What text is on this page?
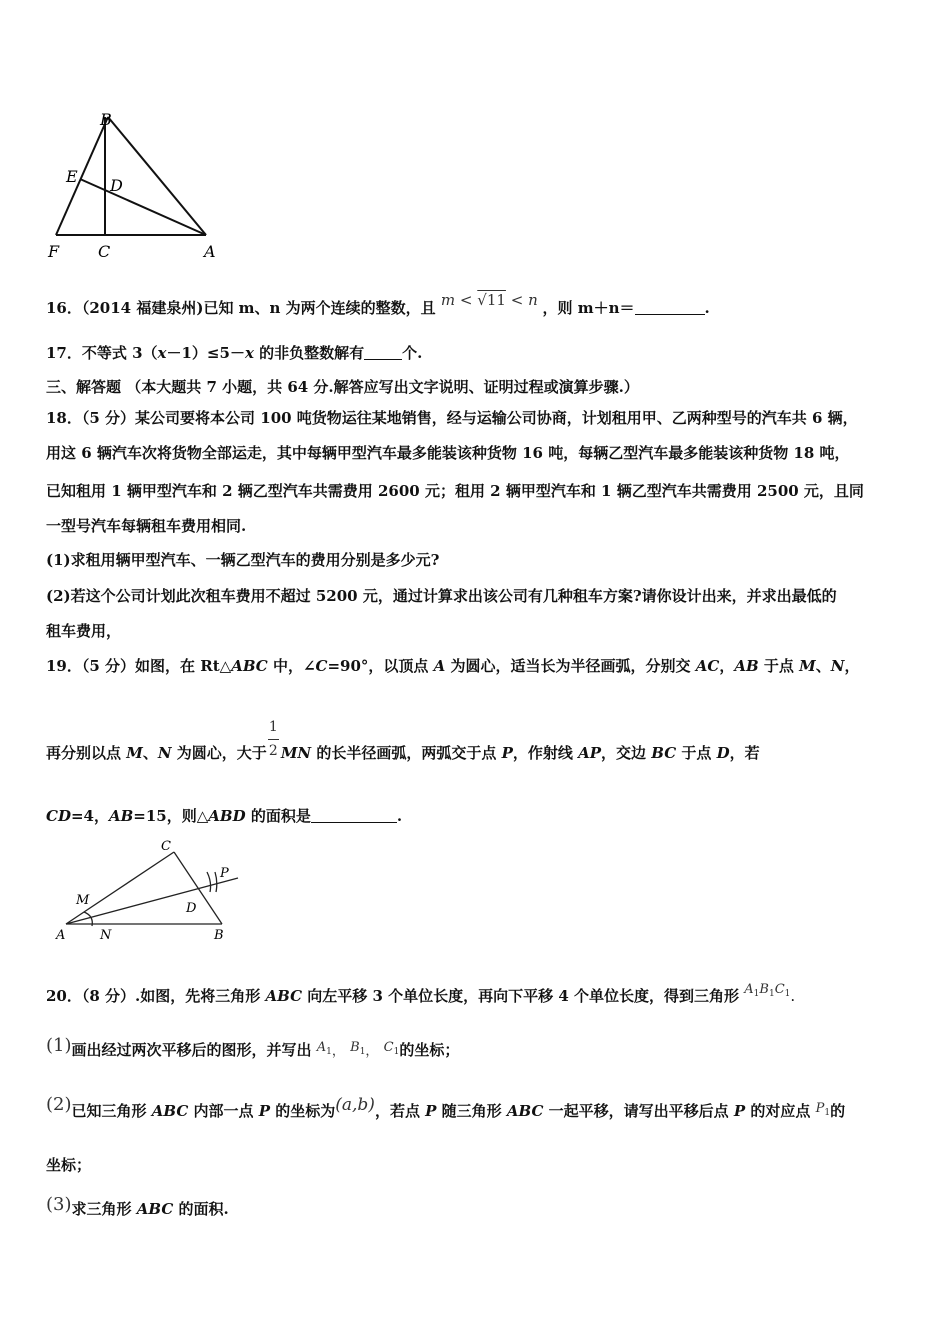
B
E D
F C	A
16．（2014 福建泉州)已知 m、n 为两个连续的整数，且 m < √11 < n ，则 m＋n＝	.
17．不等式 3（x－1）≤5－x 的非负整数解有	个.
三、解答题 （本大题共 7 小题，共 64 分.解答应写出文字说明、证明过程或演算步骤.）
18．（5 分）某公司要将本公司 100 吨货物运往某地销售，经与运输公司协商，计划租用甲、乙两种型号的汽车共 6 辆，
用这 6 辆汽车次将货物全部运走，其中每辆甲型汽车最多能装该种货物 16 吨，每辆乙型汽车最多能装该种货物 18 吨，
已知租用 1 辆甲型汽车和 2 辆乙型汽车共需费用 2600 元；租用 2 辆甲型汽车和 1 辆乙型汽车共需费用 2500 元，且同
一型号汽车每辆租车费用相同.
(1)求租用辆甲型汽车、一辆乙型汽车的费用分别是多少元?
(2)若这个公司计划此次租车费用不超过 5200 元，通过计算求出该公司有几种租车方案?请你设计出来，并求出最低的
租车费用，
19．（5 分）如图，在 Rt△ABC 中，∠C=90°，以顶点 A 为圆心，适当长为半径画弧，分别交 AC，AB 于点 M、N，
再分别以点 M、N 为圆心，大于 $\frac{1}{2}$ MN 的长半径画弧，两弧交于点 P，作射线 AP，交边 BC 于点 D，若
CD=4，AB=15，则△ABD 的面积是	.
C
P
M
D
A	N	B
20．（8 分）.如图，先将三角形 ABC 向左平移 3 个单位长度，再向下平移 4 个单位长度，得到三角形 $A_1B_1C_1$.
(1)画出经过两次平移后的图形，并写出 $A_1$， $B_1$， $C_1$的坐标；
(2)已知三角形 ABC 内部一点 P 的坐标为(a,b)，若点 P 随三角形 ABC 一起平移，请写出平移后点 P 的对应点 $P_1$的
坐标；
(3)求三角形 ABC 的面积.
